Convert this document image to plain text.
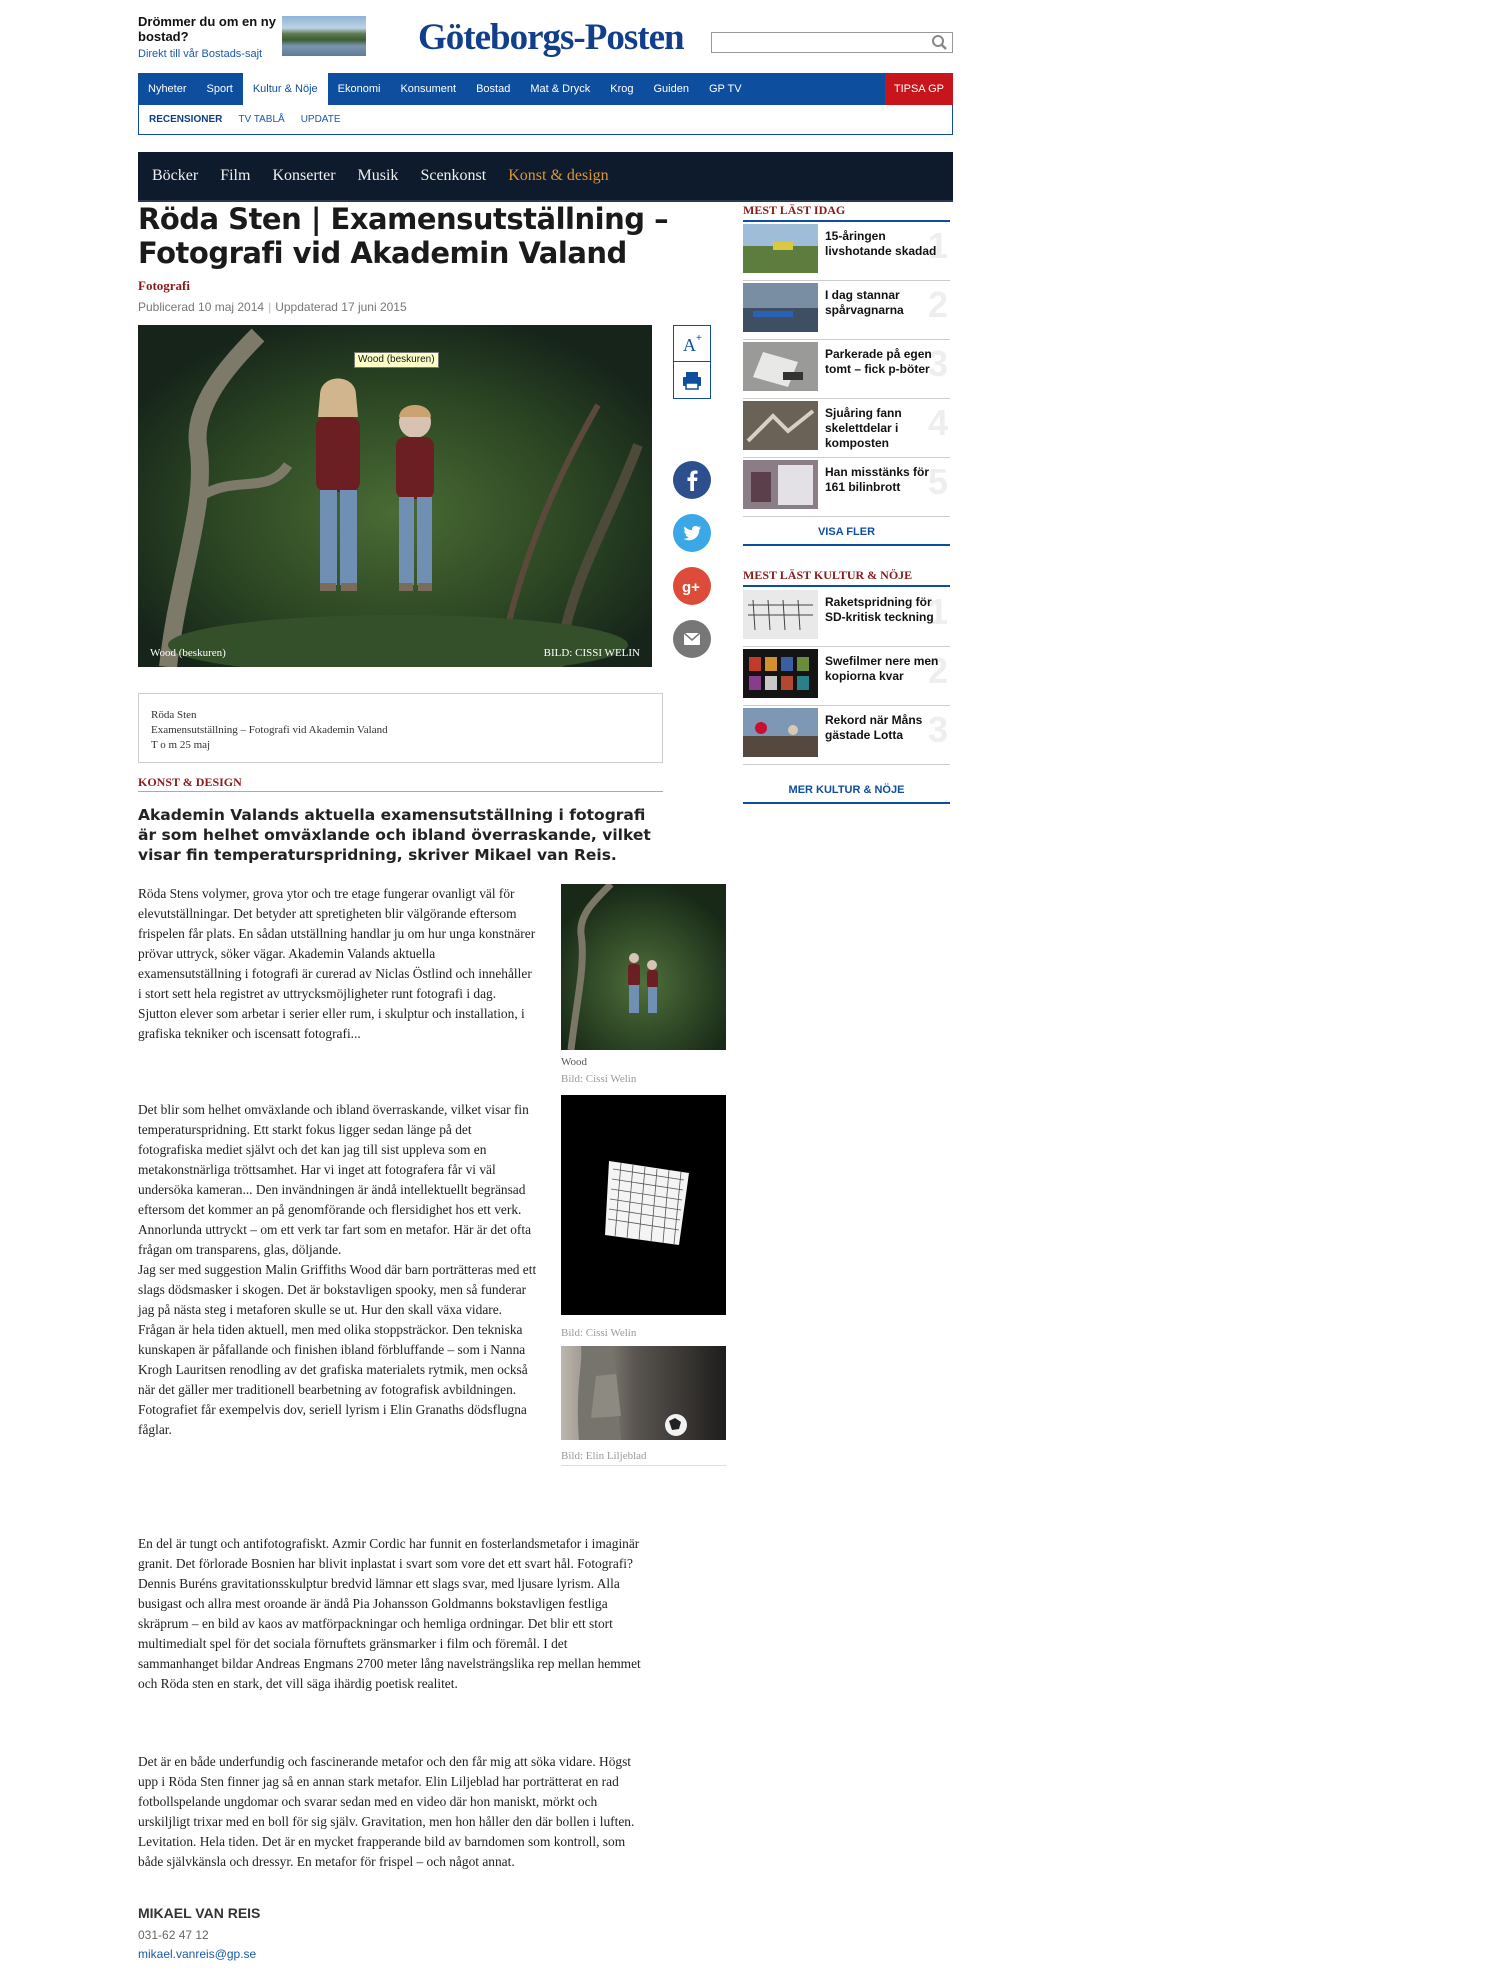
Drömmer du om en ny bostad?
Direkt till vår Bostads-sajt	Göteborgs-Posten
Nyheter	Sport	Kultur & Nöje	Ekonomi	Konsument	Bostad	Mat & Dryck	Krog	Guiden	GP TV	TIPSA GP
RECENSIONER TV TABLÅ UPDATE
Böcker Film Konserter Musik Scenkonst Konst & design
Röda Sten | Examensutställning – Fotografi vid Akademin Valand
Fotografi
Publicerad 10 maj 2014 | Uppdaterad 17 juni 2015
Wood (beskuren)
Wood (beskuren)	BILD: CISSI WELIN
A +
g+
Röda Sten
Examensutställning – Fotografi vid Akademin Valand
T o m 25 maj
KONST & DESIGN
Akademin Valands aktuella examensutställning i fotografi är som helhet omväxlande och ibland överraskande, vilket visar fin temperaturspridning, skriver Mikael van Reis.

Röda Stens volymer, grova ytor och tre etage fungerar ovanligt väl för elevutställningar. Det betyder att spretigheten blir välgörande eftersom frispelen får plats. En sådan utställning handlar ju om hur unga konstnärer prövar uttryck, söker vägar. Akademin Valands aktuella examensutställning i fotografi är curerad av Niclas Östlind och innehåller i stort sett hela registret av uttrycksmöjligheter runt fotografi i dag. Sjutton elever som arbetar i serier eller rum, i skulptur och installation, i grafiska tekniker och iscensatt fotografi...

Det blir som helhet omväxlande och ibland överraskande, vilket visar fin temperaturspridning. Ett starkt fokus ligger sedan länge på det fotografiska mediet självt och det kan jag till sist uppleva som en metakonstnärliga tröttsamhet. Har vi inget att fotografera får vi väl undersöka kameran... Den invändningen är ändå intellektuellt begränsad eftersom det kommer an på genomförande och flersidighet hos ett verk. Annorlunda uttryckt – om ett verk tar fart som en metafor. Här är det ofta frågan om transparens, glas, döljande.

Jag ser med suggestion Malin Griffiths Wood där barn porträtteras med ett slags dödsmasker i skogen. Det är bokstavligen spooky, men så funderar jag på nästa steg i metaforen skulle se ut. Hur den skall växa vidare.

Frågan är hela tiden aktuell, men med olika stoppsträckor. Den tekniska kunskapen är påfallande och finishen ibland förbluffande – som i Nanna Krogh Lauritsen renodling av det grafiska materialets rytmik, men också när det gäller mer traditionell bearbetning av fotografisk avbildningen. Fotografiet får exempelvis dov, seriell lyrism i Elin Granaths dödsflugna fåglar.

En del är tungt och antifotografiskt. Azmir Cordic har funnit en fosterlandsmetafor i imaginär granit. Det förlorade Bosnien har blivit inplastat i svart som vore det ett svart hål. Fotografi? Dennis Buréns gravitationsskulptur bredvid lämnar ett slags svar, med ljusare lyrism. Alla busigast och allra mest oroande är ändå Pia Johansson Goldmanns bokstavligen festliga skräprum – en bild av kaos av matförpackningar och hemliga ordningar. Det blir ett stort multimedialt spel för det sociala förnuftets gränsmarker i film och föremål. I det sammanhanget bildar Andreas Engmans 2700 meter lång navelsträngslika rep mellan hemmet och Röda sten en stark, det vill säga ihärdig poetisk realitet.

Det är en både underfundig och fascinerande metafor och den får mig att söka vidare. Högst upp i Röda Sten finner jag så en annan stark metafor. Elin Liljeblad har porträtterat en rad fotbollspelande ungdomar och svarar sedan med en video där hon maniskt, mörkt och urskiljligt trixar med en boll för sig själv. Gravitation, men hon håller den där bollen i luften. Levitation. Hela tiden. Det är en mycket frapperande bild av barndomen som kontroll, som både självkänsla och dressyr. En metafor för frispel – och något annat.

Wood
Bild: Cissi Welin
Bild: Cissi Welin
Bild: Elin Liljeblad
MIKAEL VAN REIS
031-62 47 12
mikael.vanreis@gp.se
MEST LÄST IDAG
1
15-åringen livshotande skadad
2
I dag stannar spårvagnarna
3
Parkerade på egen tomt – fick p-böter
4
Sjuåring fann skelettdelar i komposten
5
Han misstänks för 161 bilinbrott
VISA FLER
MEST LÄST KULTUR & NÖJE
1
Raketspridning för SD-kritisk teckning
2
Swefilmer nere men kopiorna kvar
3
Rekord när Måns gästade Lotta
MER KULTUR & NÖJE
